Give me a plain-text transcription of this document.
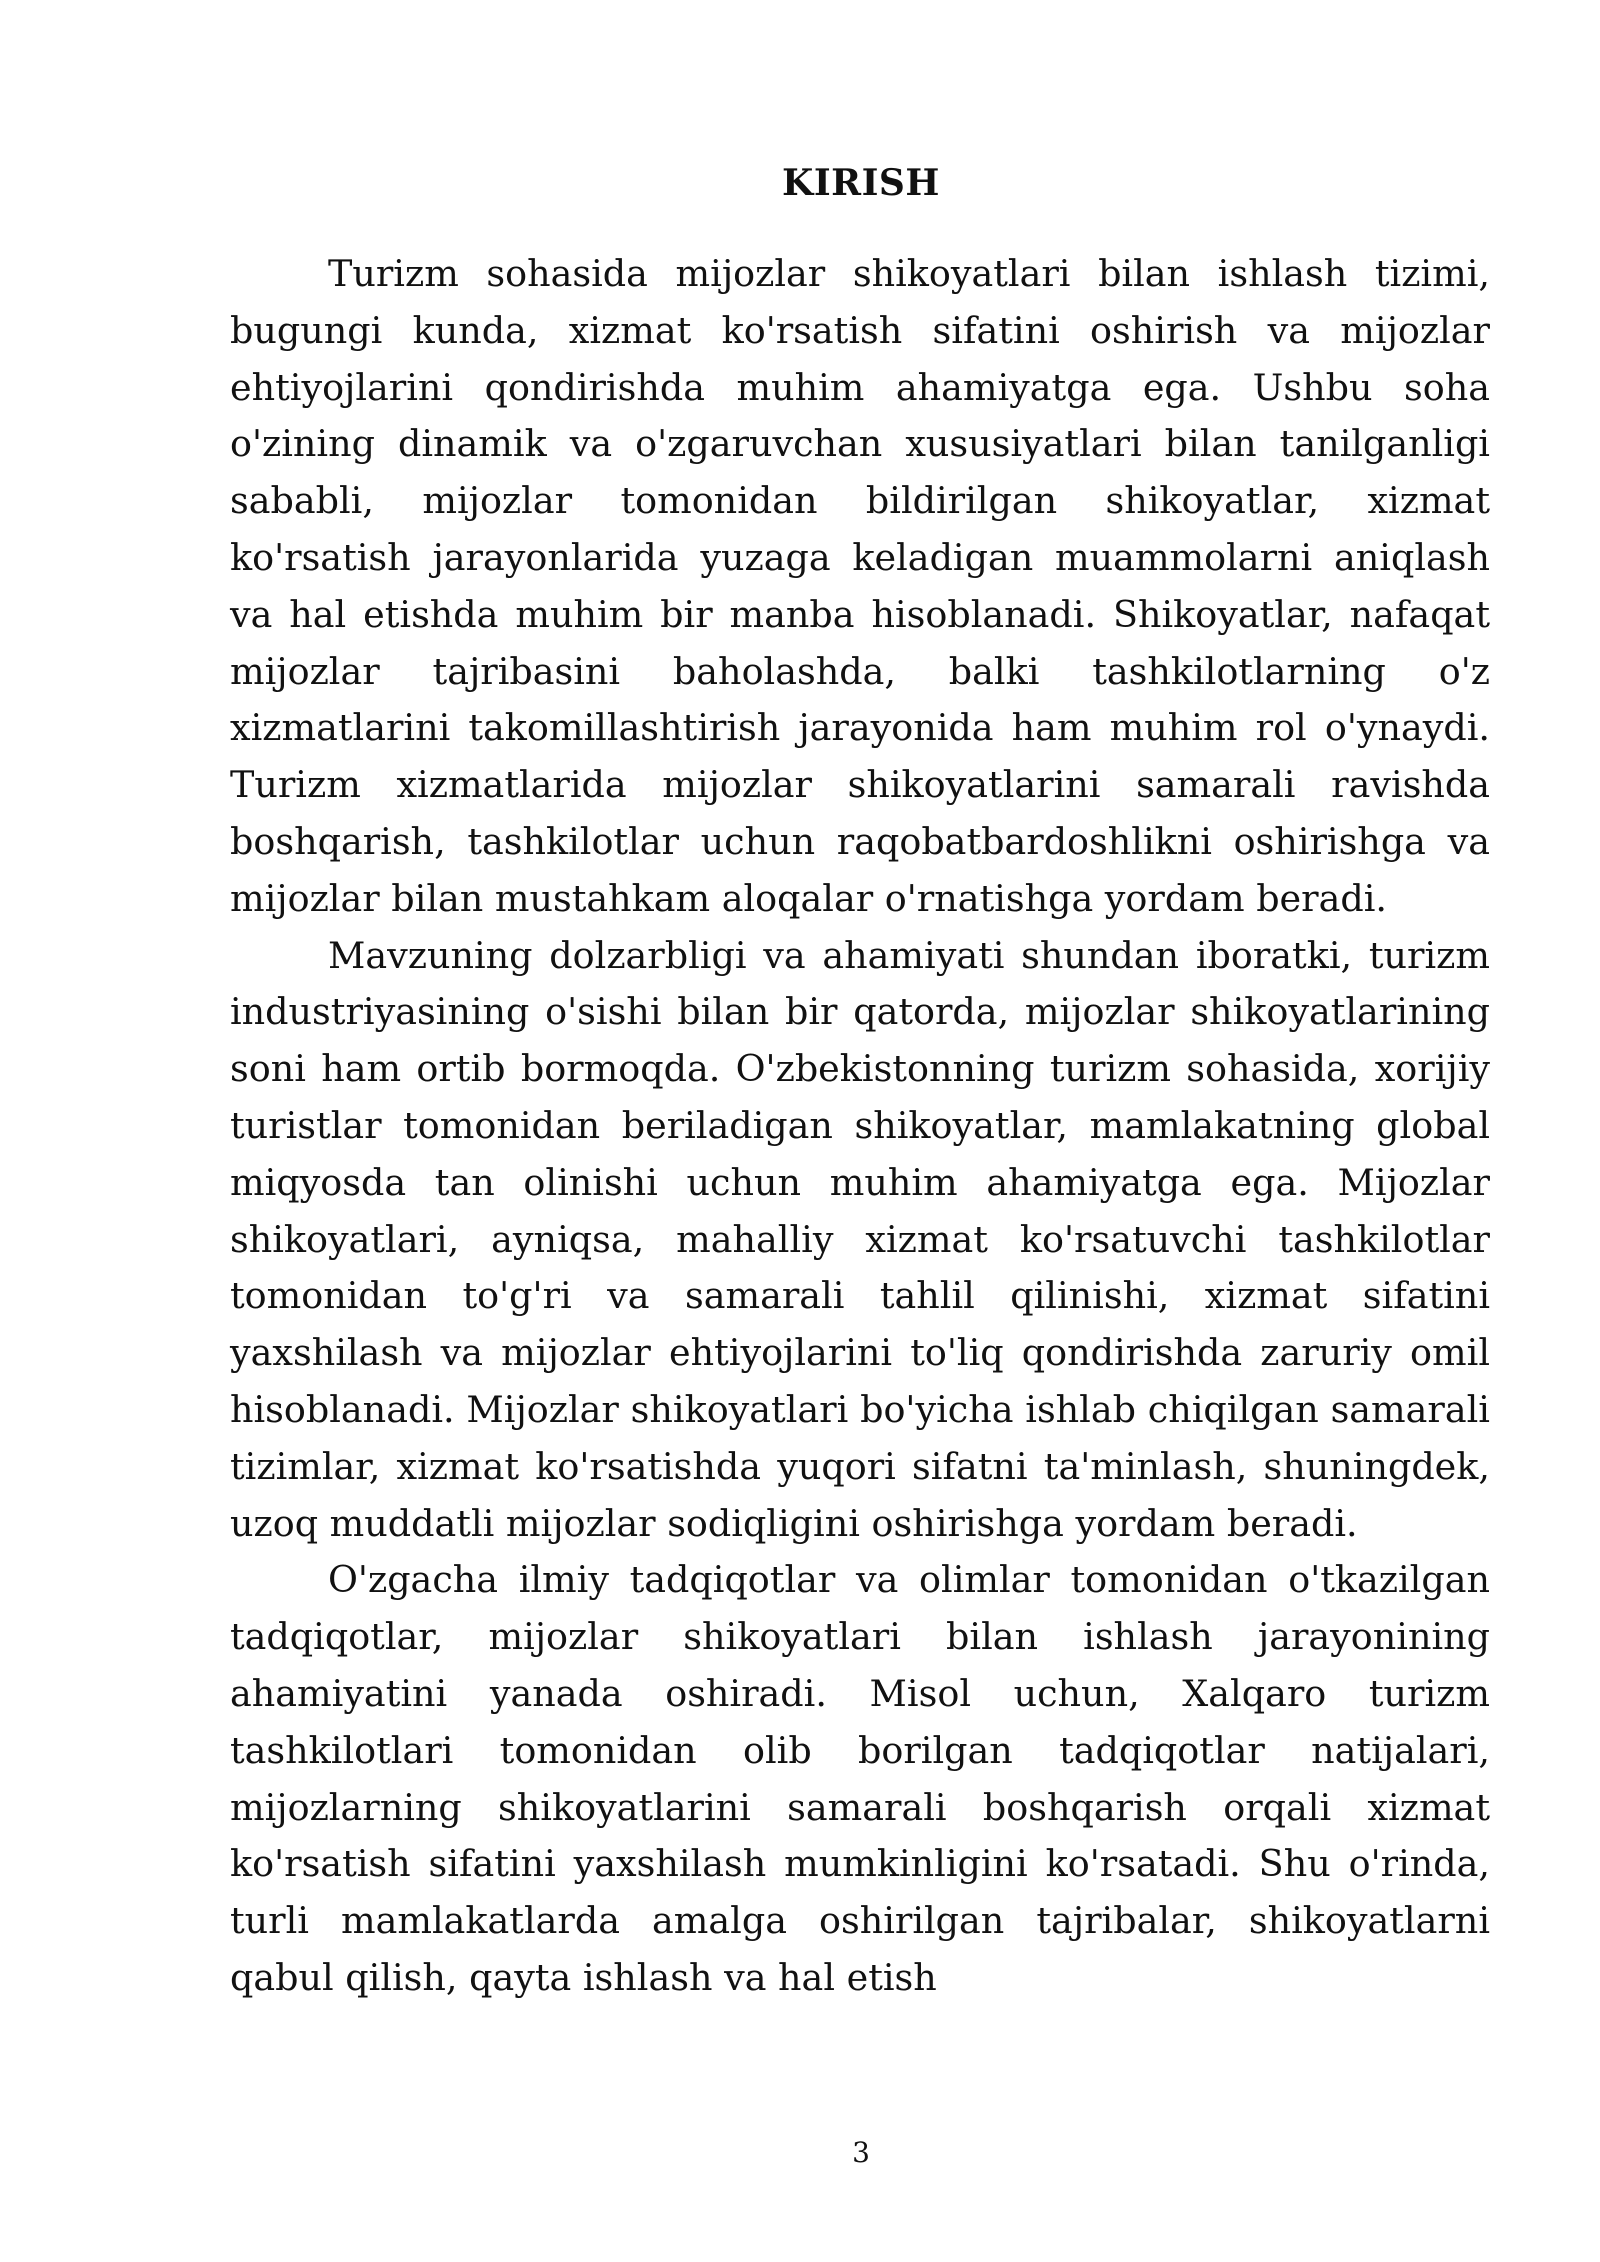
KIRISH

Turizm sohasida mijozlar shikoyatlari bilan ishlash tizimi, bugungi kunda, xizmat ko'rsatish sifatini oshirish va mijozlar ehtiyojlarini qondirishda muhim ahamiyatga ega. Ushbu soha o'zining dinamik va o'zgaruvchan xususiyatlari bilan tanilganligi sababli, mijozlar tomonidan bildirilgan shikoyatlar, xizmat ko'rsatish jarayonlarida yuzaga keladigan muammolarni aniqlash va hal etishda muhim bir manba hisoblanadi. Shikoyatlar, nafaqat mijozlar tajribasini baholashda, balki tashkilotlarning o'z xizmatlarini takomillashtirish jarayonida ham muhim rol o'ynaydi. Turizm xizmatlarida mijozlar shikoyatlarini samarali ravishda boshqarish, tashkilotlar uchun raqobatbardoshlikni oshirishga va mijozlar bilan mustahkam aloqalar o'rnatishga yordam beradi.

Mavzuning dolzarbligi va ahamiyati shundan iboratki, turizm industriyasining o'sishi bilan bir qatorda, mijozlar shikoyatlarining soni ham ortib bormoqda. O'zbekistonning turizm sohasida, xorijiy turistlar tomonidan beriladigan shikoyatlar, mamlakatning global miqyosda tan olinishi uchun muhim ahamiyatga ega. Mijozlar shikoyatlari, ayniqsa, mahalliy xizmat ko'rsatuvchi tashkilotlar tomonidan to'g'ri va samarali tahlil qilinishi, xizmat sifatini yaxshilash va mijozlar ehtiyojlarini to'liq qondirishda zaruriy omil hisoblanadi. Mijozlar shikoyatlari bo'yicha ishlab chiqilgan samarali tizimlar, xizmat ko'rsatishda yuqori sifatni ta'minlash, shuningdek, uzoq muddatli mijozlar sodiqligini oshirishga yordam beradi.

O'zgacha ilmiy tadqiqotlar va olimlar tomonidan o'tkazilgan tadqiqotlar, mijozlar shikoyatlari bilan ishlash jarayonining ahamiyatini yanada oshiradi. Misol uchun, Xalqaro turizm tashkilotlari tomonidan olib borilgan tadqiqotlar natijalari, mijozlarning shikoyatlarini samarali boshqarish orqali xizmat ko'rsatish sifatini yaxshilash mumkinligini ko'rsatadi. Shu o'rinda, turli mamlakatlarda amalga oshirilgan tajribalar, shikoyatlarni qabul qilish, qayta ishlash va hal etish

3
